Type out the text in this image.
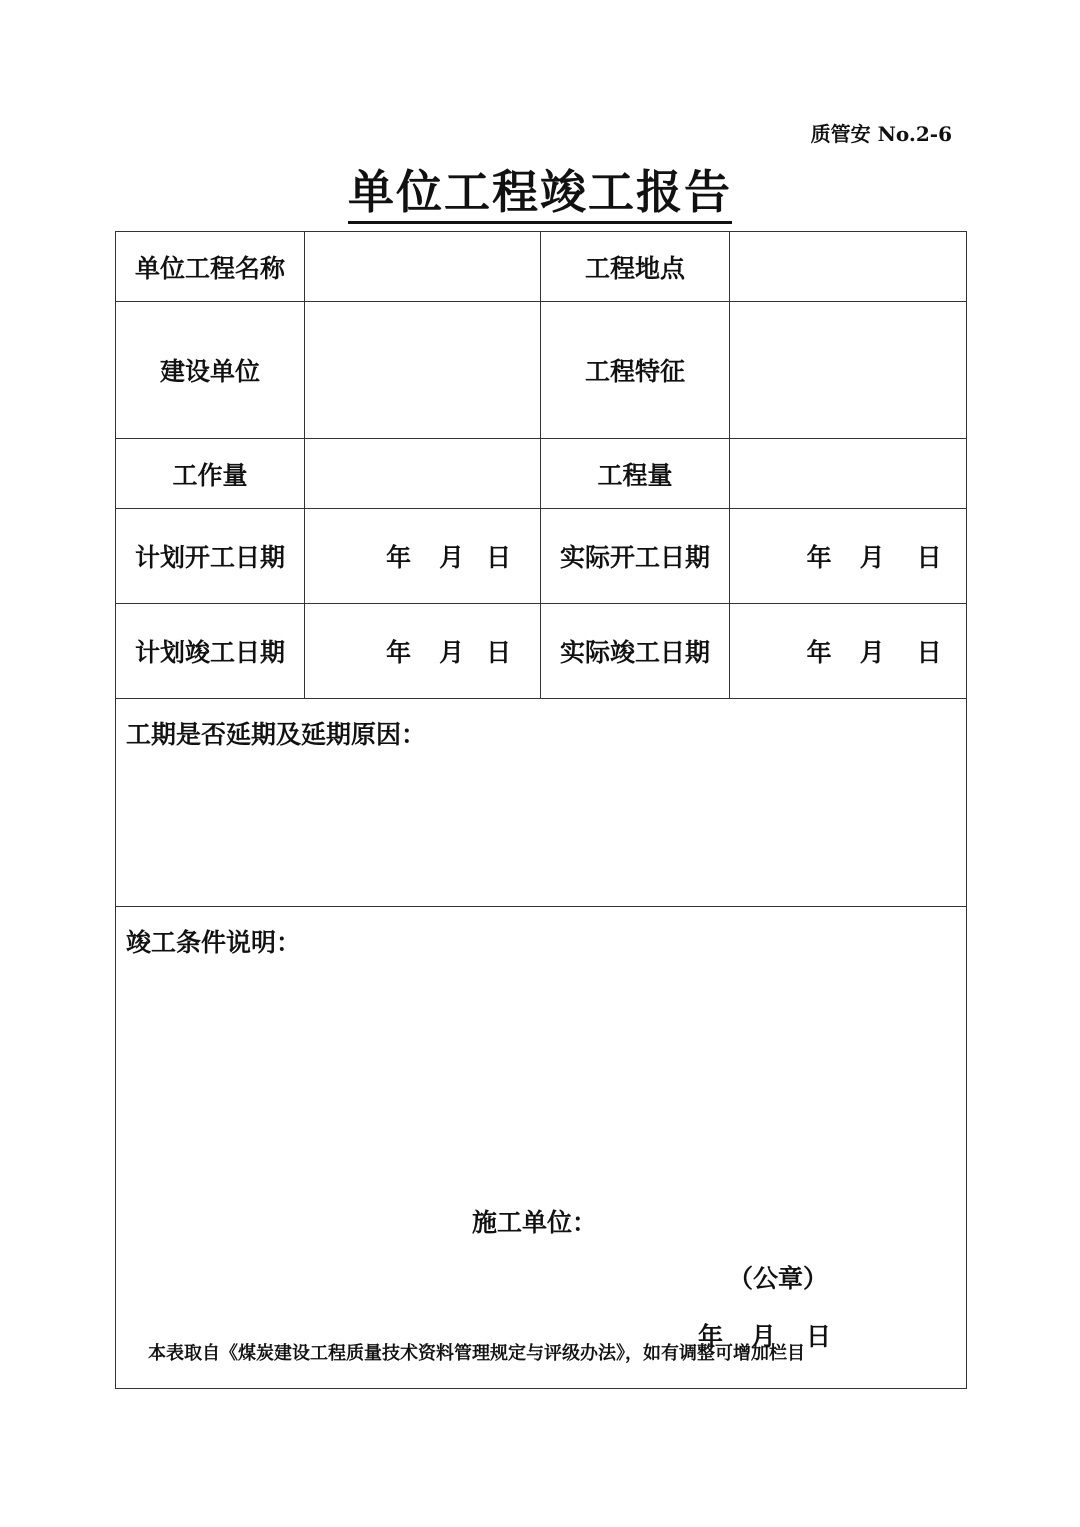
质管安 No.2-6
单位工程竣工报告
单位工程名称		工程地点	
建设单位		工程特征	
工作量		工程量	
计划开工日期	年 月 日	实际开工日期	年 月 日

计划竣工日期	年 月 日	实际竣工日期	年 月 日

工期是否延期及延期原因：			

竣工条件说明：
施工单位：
（公章）
年 月 日			
本表取自《煤炭建设工程质量技术资料管理规定与评级办法》，如有调整可增加栏目
